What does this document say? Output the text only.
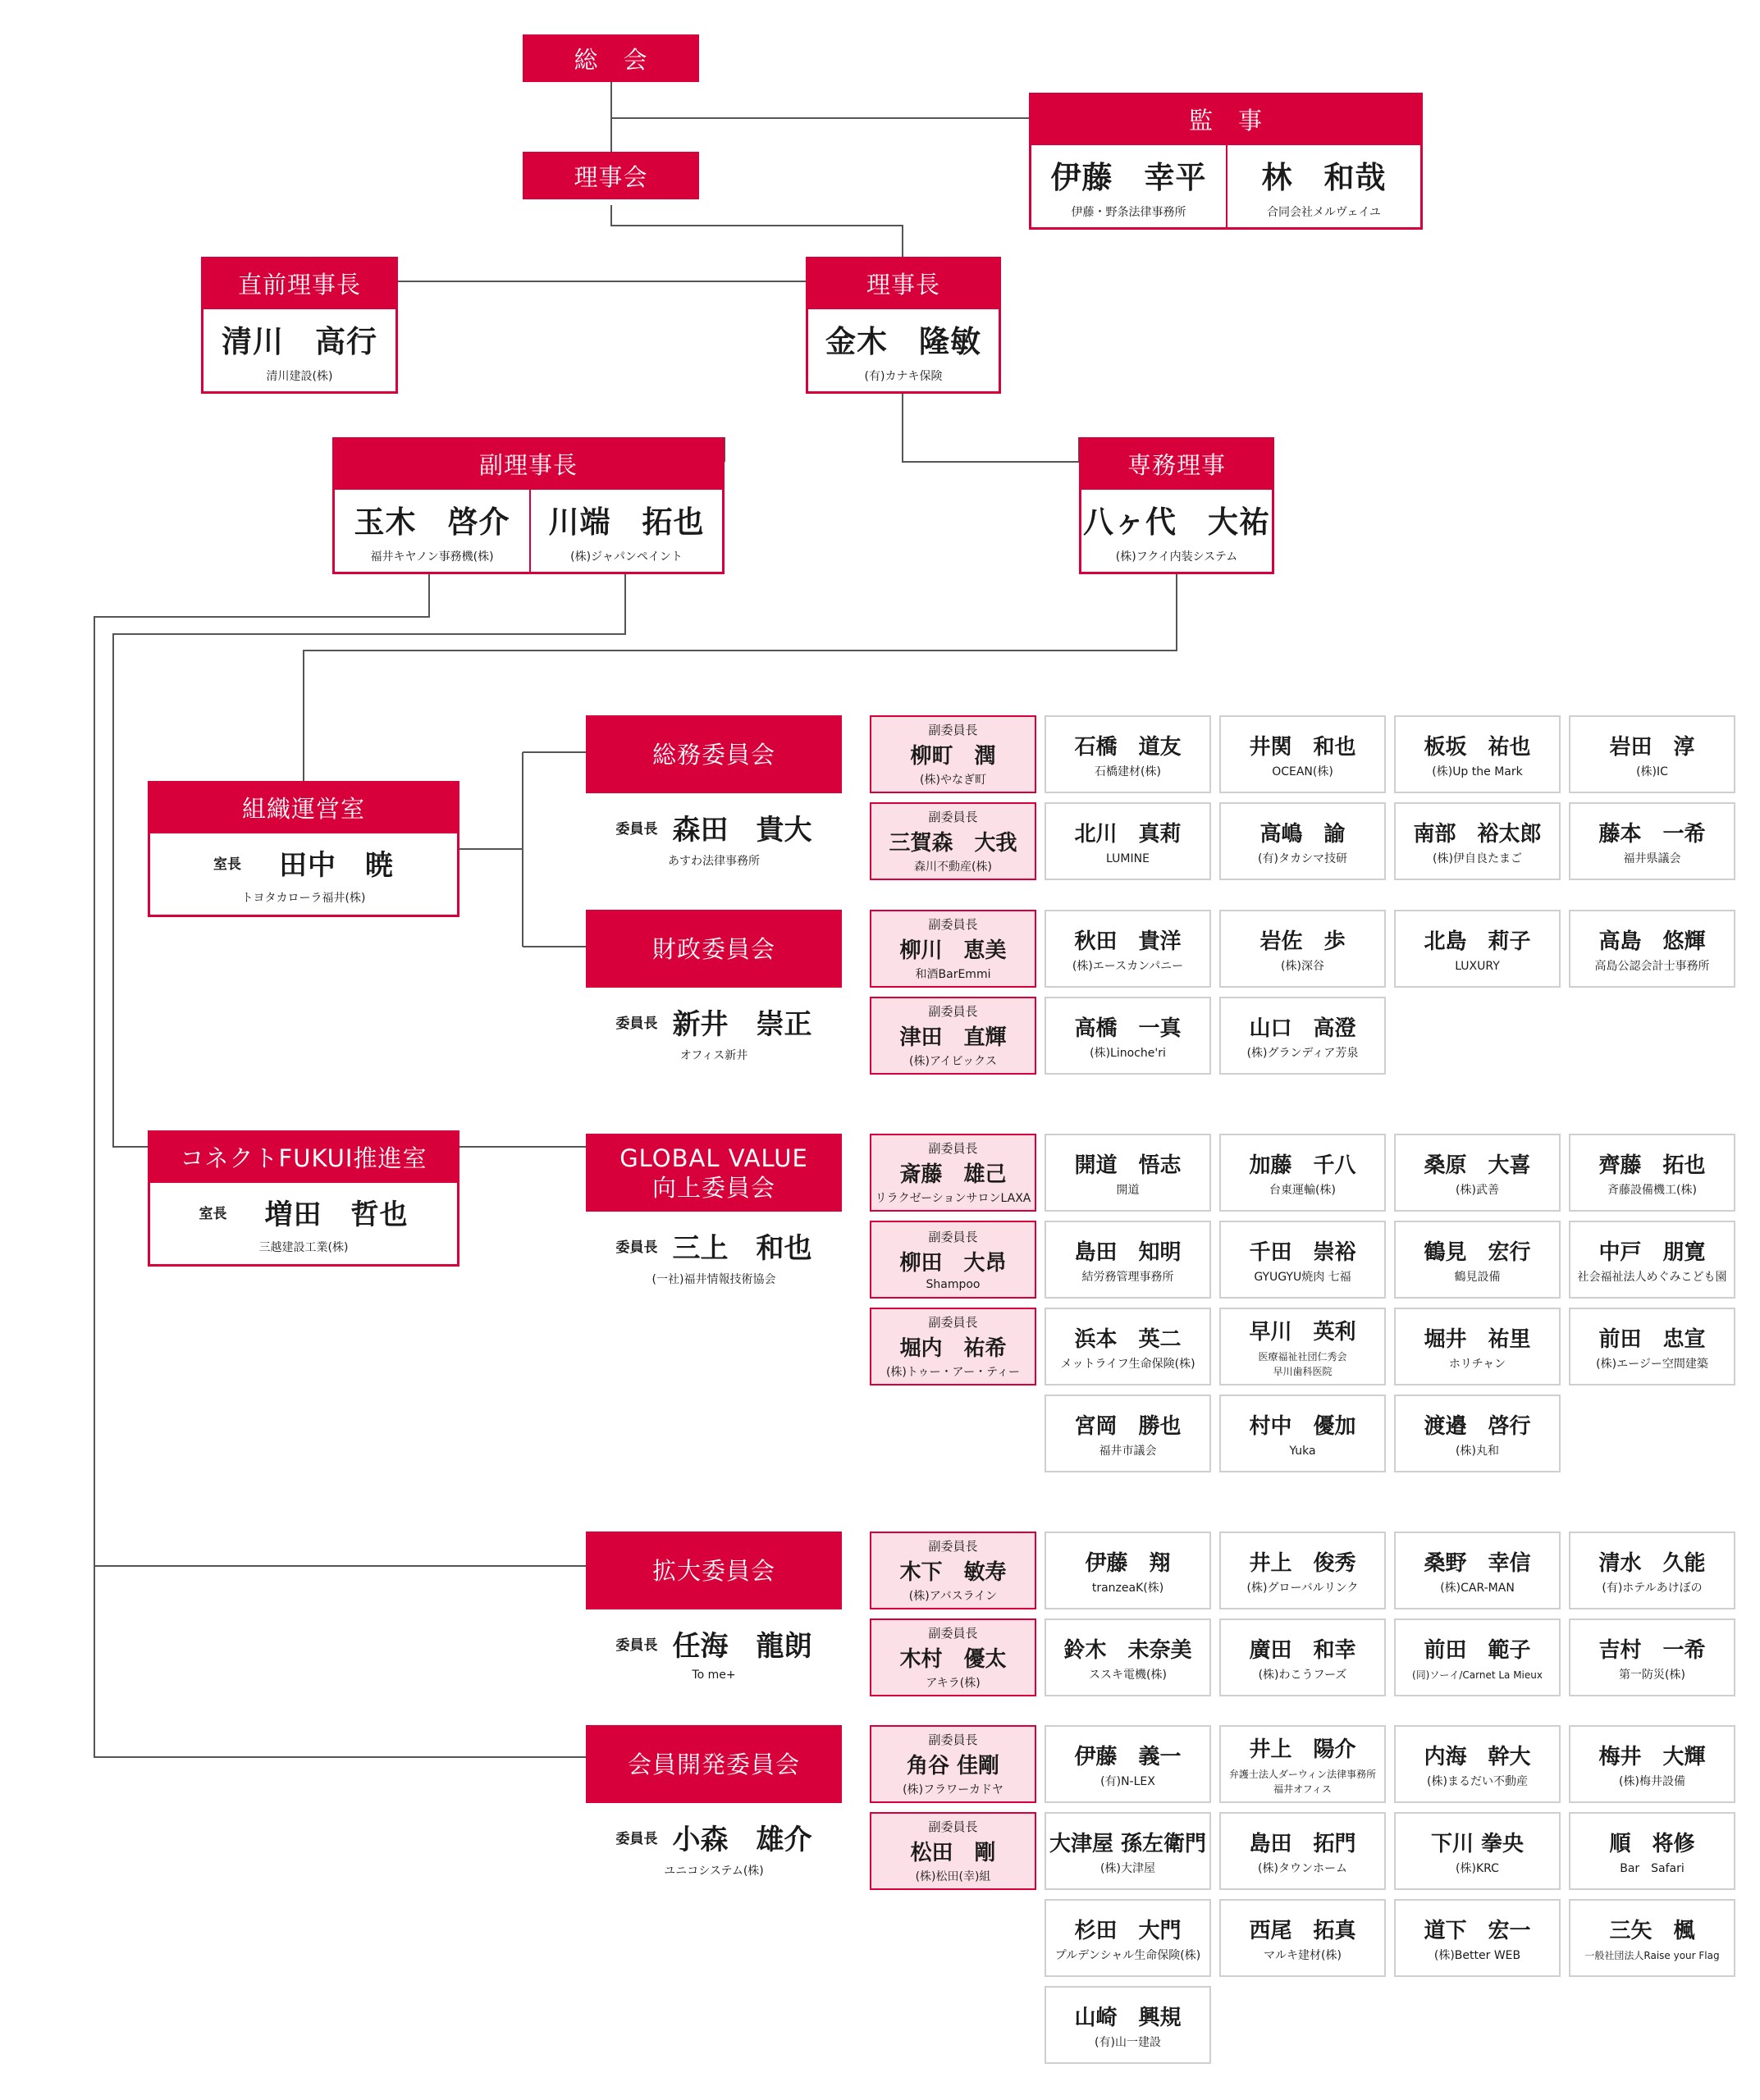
総　会
理事会
監　事
伊藤　幸平
伊藤・野条法律事務所
林　和哉
合同会社メルヴェイユ
直前理事長
清川　高行
清川建設(株)
理事長
金木　隆敏
(有)カナキ保険
副理事長
玉木　啓介
福井キヤノン事務機(株)
川端　拓也
(株)ジャパンペイント
専務理事
八ヶ代　大祐
(株)フクイ内装システム
組織運営室
室長 田中　暁
トヨタカローラ福井(株)
コネクトFUKUI推進室
室長 増田　哲也
三越建設工業(株)
総務委員会
委員長 森田　貴大
あすわ法律事務所
副委員長
柳町　潤
(株)やなぎ町
副委員長
三賀森　大我
森川不動産(株)
石橋　道友
石橋建材(株)
井関　和也
OCEAN(株)
板坂　祐也
(株)Up the Mark
岩田　淳
(株)IC
北川　真莉
LUMINE
高嶋　諭
(有)タカシマ技研
南部　裕太郎
(株)伊自良たまご
藤本　一希
福井県議会
財政委員会
委員長 新井　崇正
オフィス新井
副委員長
柳川　恵美
和酒BarEmmi
副委員長
津田　直輝
(株)アイビックス
秋田　貴洋
(株)エースカンパニー
岩佐　歩
(株)深谷
北島　莉子
LUXURY
高島　悠輝
高島公認会計士事務所
高橋　一真
(株)Linoche'ri
山口　高澄
(株)グランディア芳泉
GLOBAL VALUE
向上委員会
委員長 三上　和也
(一社)福井情報技術協会
副委員長
斎藤　雄己
リラクゼーションサロンLAXA
副委員長
柳田　大昂
Shampoo
副委員長
堀内　祐希
(株)トゥー・アー・ティー
開道　悟志
開道
加藤　千八
台東運輸(株)
桑原　大喜
(株)武善
齊藤　拓也
斉藤設備機工(株)
島田　知明
結労務管理事務所
千田　崇裕
GYUGYU焼肉 七福
鶴見　宏行
鶴見設備
中戸　朋寛
社会福祉法人めぐみこども園
浜本　英二
メットライフ生命保険(株)
早川　英利
医療福祉社団仁秀会
早川歯科医院
堀井　祐里
ホリチャン
前田　忠宣
(株)エージー空間建築
宮岡　勝也
福井市議会
村中　優加
Yuka
渡邉　啓行
(株)丸和
拡大委員会
委員長 任海　龍朗
To me+
副委員長
木下　敏寿
(株)アバスライン
副委員長
木村　優太
アキラ(株)
伊藤　翔
tranzeaK(株)
井上　俊秀
(株)グローバルリンク
桑野　幸信
(株)CAR-MAN
清水　久能
(有)ホテルあけぼの
鈴木　未奈美
ススキ電機(株)
廣田　和幸
(株)わこうフーズ
前田　範子
(同)ソーイ/Carnet La Mieux
吉村　一希
第一防災(株)
会員開発委員会
委員長 小森　雄介
ユニコシステム(株)
副委員長
角谷 佳剛
(株)フラワーカドヤ
副委員長
松田　剛
(株)松田(幸)組
伊藤　義一
(有)N-LEX
井上　陽介
弁護士法人ダーウィン法律事務所
福井オフィス
内海　幹大
(株)まるだい不動産
梅井　大輝
(株)梅井設備
大津屋 孫左衛門
(株)大津屋
島田　拓門
(株)タウンホーム
下川 拳央
(株)KRC
順　将修
Bar　Safari
杉田　大門
プルデンシャル生命保険(株)
西尾　拓真
マルキ建材(株)
道下　宏一
(株)Better WEB
三矢　楓
一般社団法人Raise your Flag
山崎　興規
(有)山一建設
